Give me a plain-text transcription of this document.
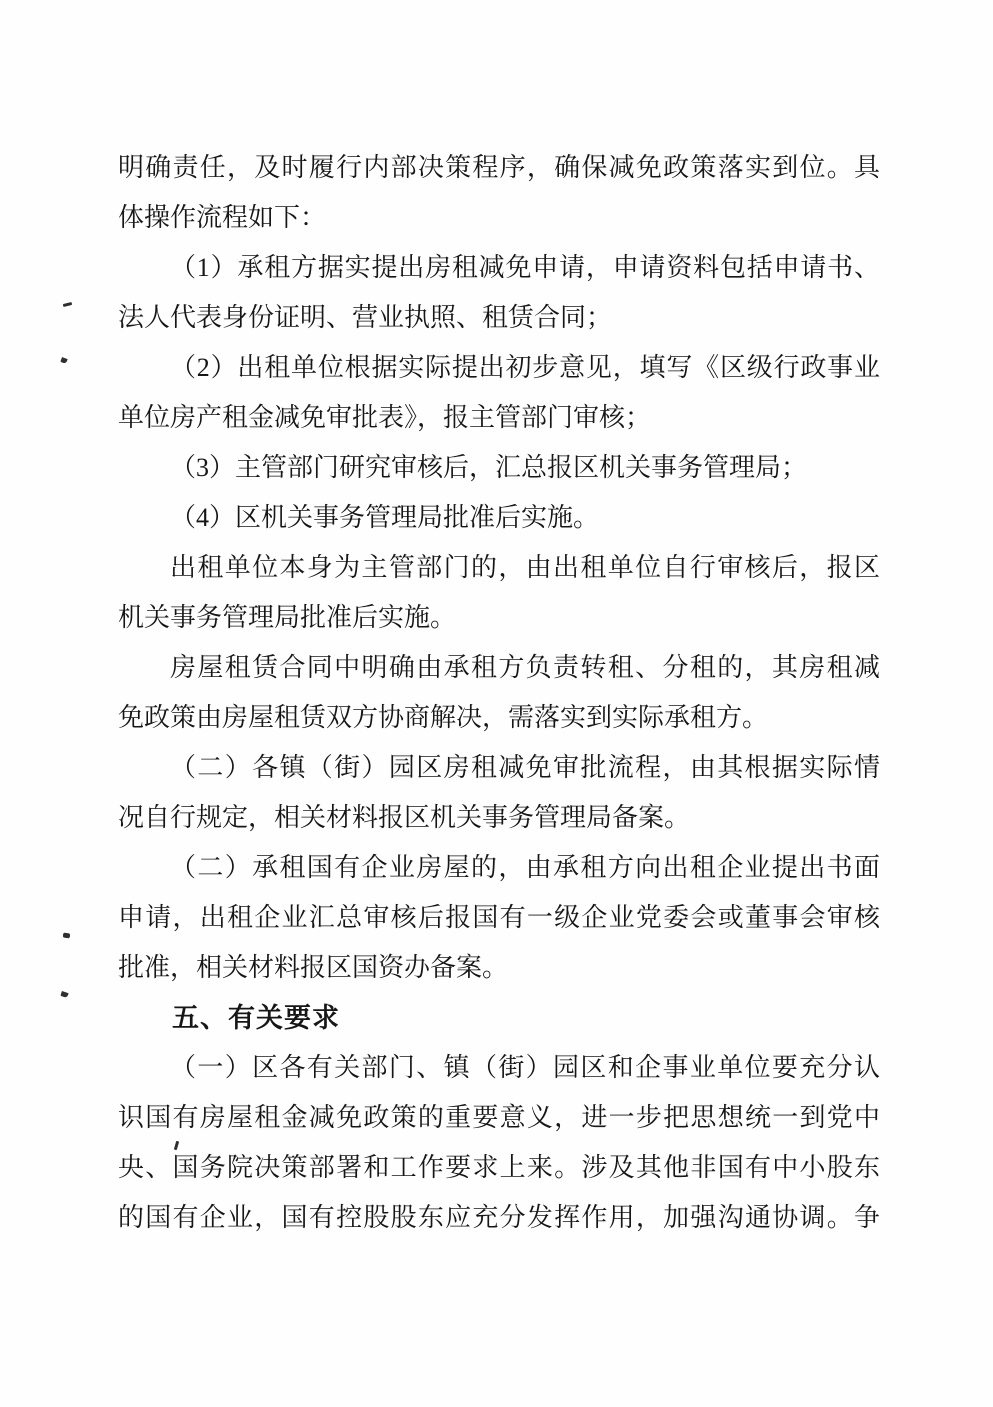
明确责任，及时履行内部决策程序，确保减免政策落实到位。具
体操作流程如下：
（1）承租方据实提出房租减免申请，申请资料包括申请书、
法人代表身份证明、营业执照、租赁合同；
（2）出租单位根据实际提出初步意见，填写《区级行政事业
单位房产租金减免审批表》，报主管部门审核；
（3）主管部门研究审核后，汇总报区机关事务管理局；
（4）区机关事务管理局批准后实施。
出租单位本身为主管部门的，由出租单位自行审核后，报区
机关事务管理局批准后实施。
房屋租赁合同中明确由承租方负责转租、分租的，其房租减
免政策由房屋租赁双方协商解决，需落实到实际承租方。
（二）各镇（街）园区房租减免审批流程，由其根据实际情
况自行规定，相关材料报区机关事务管理局备案。
（二）承租国有企业房屋的，由承租方向出租企业提出书面
申请，出租企业汇总审核后报国有一级企业党委会或董事会审核
批准，相关材料报区国资办备案。
五、有关要求
（一）区各有关部门、镇（街）园区和企事业单位要充分认
识国有房屋租金减免政策的重要意义，进一步把思想统一到党中
央、国务院决策部署和工作要求上来。涉及其他非国有中小股东
的国有企业，国有控股股东应充分发挥作用，加强沟通协调。争
